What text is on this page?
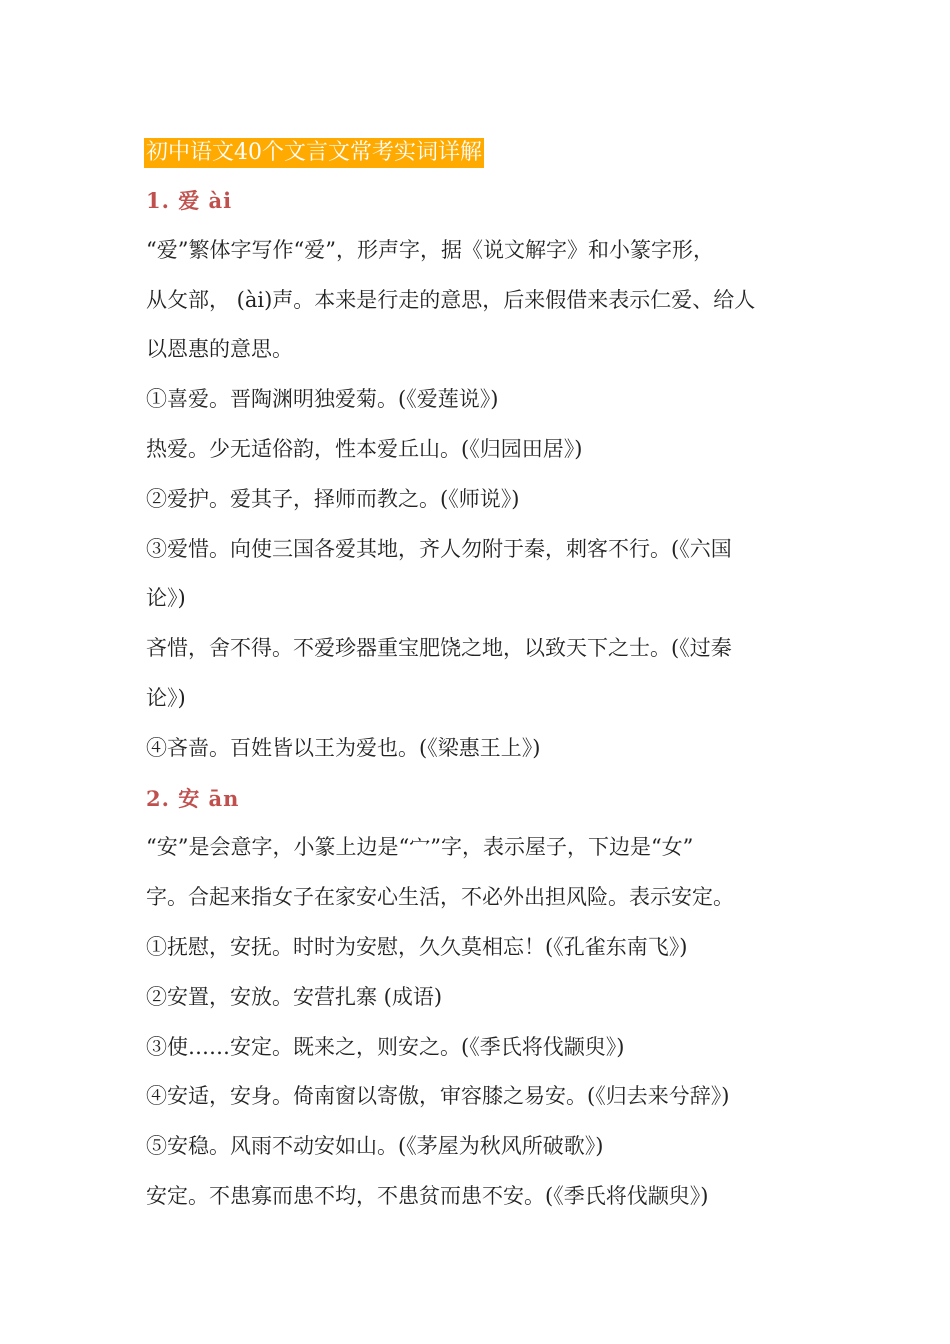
初中语文40个文言文常考实词详解
1. 爱 ài
“爱”繁体字写作“爱”，形声字，据《说文解字》和小篆字形，
从攵部， (ài)声。本来是行走的意思，后来假借来表示仁爱、给人
以恩惠的意思。
①喜爱。晋陶渊明独爱菊。(《爱莲说》)
热爱。少无适俗韵，性本爱丘山。(《归园田居》)
②爱护。爱其子，择师而教之。(《师说》)
③爱惜。向使三国各爱其地，齐人勿附于秦，刺客不行。(《六国
论》)
吝惜，舍不得。不爱珍器重宝肥饶之地，以致天下之士。(《过秦
论》)
④吝啬。百姓皆以王为爱也。(《梁惠王上》)
2. 安 ān
“安”是会意字，小篆上边是“宀”字，表示屋子，下边是“女”
字。合起来指女子在家安心生活，不必外出担风险。表示安定。
①抚慰，安抚。时时为安慰，久久莫相忘！(《孔雀东南飞》)
②安置，安放。安营扎寨 (成语)
③使……安定。既来之，则安之。(《季氏将伐颛臾》)
④安适，安身。倚南窗以寄傲，审容膝之易安。(《归去来兮辞》)
⑤安稳。风雨不动安如山。(《茅屋为秋风所破歌》)
安定。不患寡而患不均，不患贫而患不安。(《季氏将伐颛臾》)
